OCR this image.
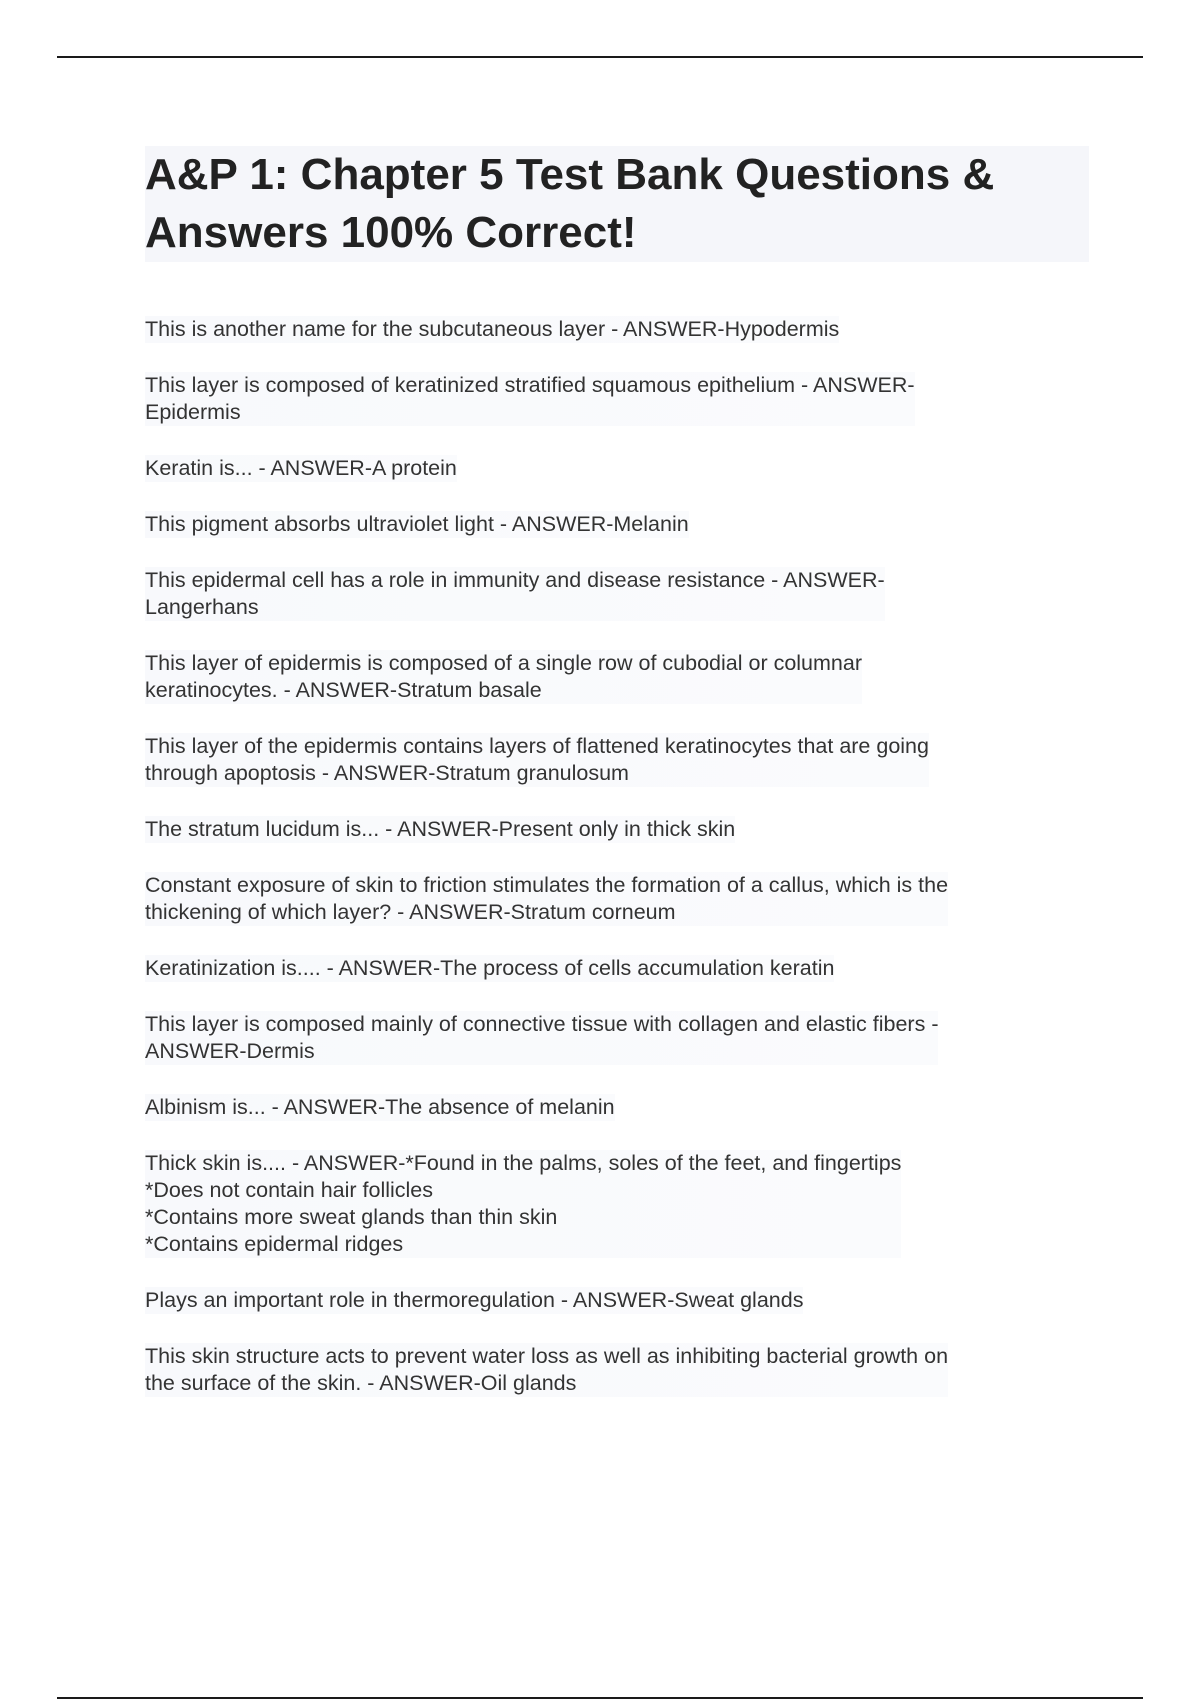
A&P 1: Chapter 5 Test Bank Questions & Answers 100% Correct!
This is another name for the subcutaneous layer - ANSWER-Hypodermis
This layer is composed of keratinized stratified squamous epithelium - ANSWER-
Epidermis
Keratin is... - ANSWER-A protein
This pigment absorbs ultraviolet light - ANSWER-Melanin
This epidermal cell has a role in immunity and disease resistance - ANSWER-
Langerhans
This layer of epidermis is composed of a single row of cubodial or columnar
keratinocytes. - ANSWER-Stratum basale
This layer of the epidermis contains layers of flattened keratinocytes that are going
through apoptosis - ANSWER-Stratum granulosum
The stratum lucidum is... - ANSWER-Present only in thick skin
Constant exposure of skin to friction stimulates the formation of a callus, which is the
thickening of which layer? - ANSWER-Stratum corneum
Keratinization is.... - ANSWER-The process of cells accumulation keratin
This layer is composed mainly of connective tissue with collagen and elastic fibers -
ANSWER-Dermis
Albinism is... - ANSWER-The absence of melanin
Thick skin is.... - ANSWER-*Found in the palms, soles of the feet, and fingertips
*Does not contain hair follicles
*Contains more sweat glands than thin skin
*Contains epidermal ridges
Plays an important role in thermoregulation - ANSWER-Sweat glands
This skin structure acts to prevent water loss as well as inhibiting bacterial growth on
the surface of the skin. - ANSWER-Oil glands
